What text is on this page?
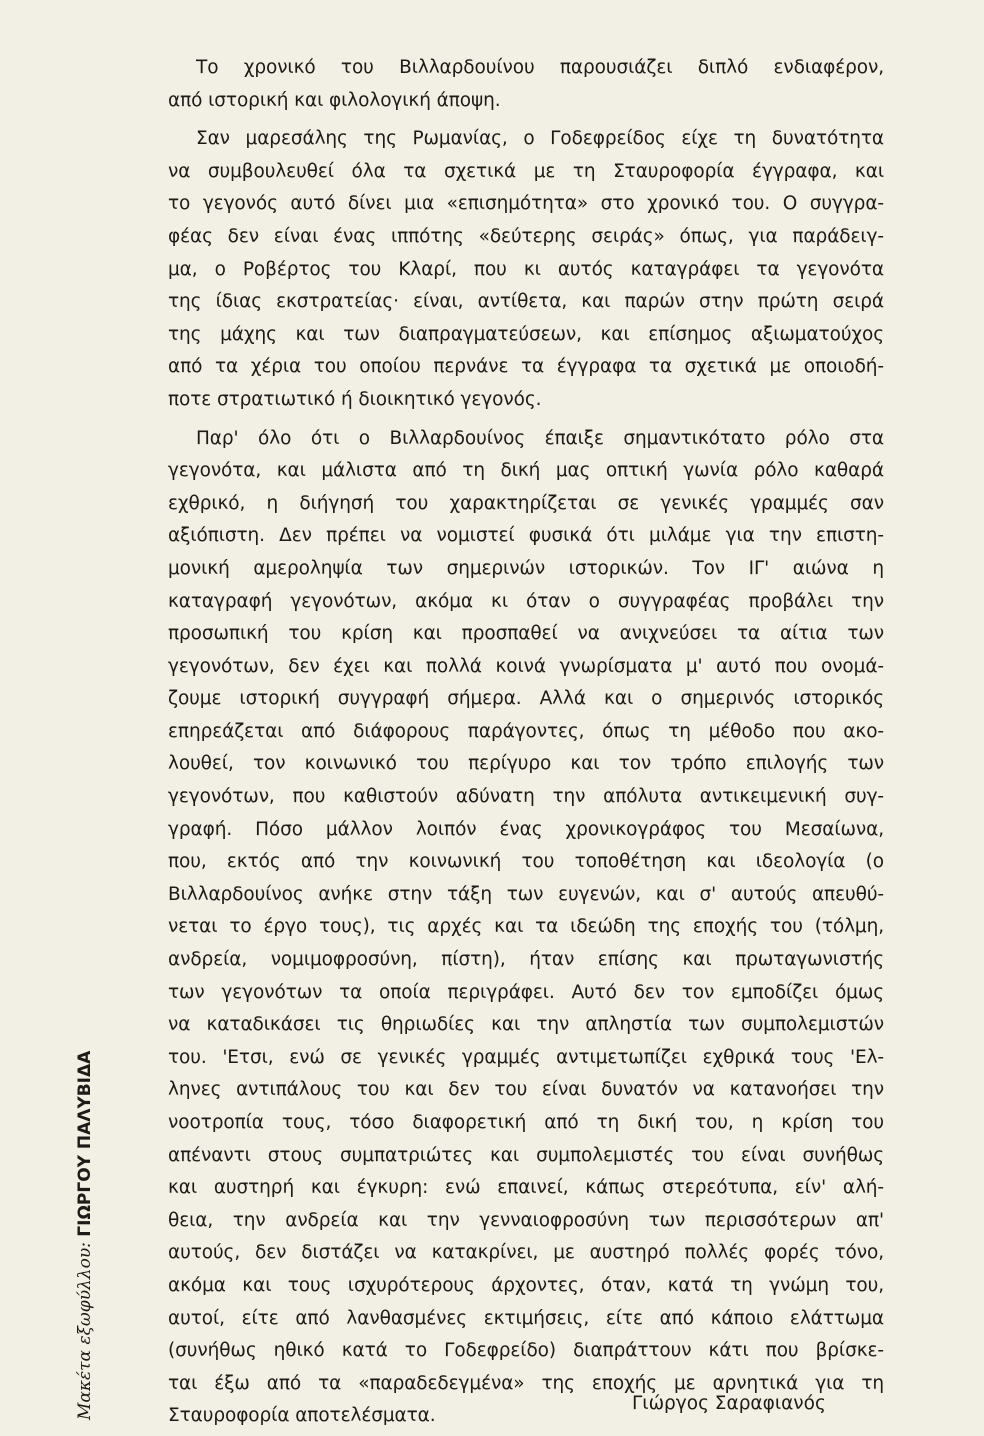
Το χρονικό του Βιλλαρδουίνου παρουσιάζει διπλό ενδιαφέρον,
από ιστορική και φιλολογική άποψη.
Σαν μαρεσάλης της Ρωμανίας, ο Γοδεφρείδος είχε τη δυνατότητα
να συμβουλευθεί όλα τα σχετικά με τη Σταυροφορία έγγραφα, και
το γεγονός αυτό δίνει μια «επισημότητα» στο χρονικό του. Ο συγγρα-
φέας δεν είναι ένας ιππότης «δεύτερης σειράς» όπως, για παράδειγ-
μα, ο Ροβέρτος του Κλαρί, που κι αυτός καταγράφει τα γεγονότα
της ίδιας εκστρατείας· είναι, αντίθετα, και παρών στην πρώτη σειρά
της μάχης και των διαπραγματεύσεων, και επίσημος αξιωματούχος
από τα χέρια του οποίου περνάνε τα έγγραφα τα σχετικά με οποιοδή-
ποτε στρατιωτικό ή διοικητικό γεγονός.
Παρ' όλο ότι ο Βιλλαρδουίνος έπαιξε σημαντικότατο ρόλο στα
γεγονότα, και μάλιστα από τη δική μας οπτική γωνία ρόλο καθαρά
εχθρικό, η διήγησή του χαρακτηρίζεται σε γενικές γραμμές σαν
αξιόπιστη. Δεν πρέπει να νομιστεί φυσικά ότι μιλάμε για την επιστη-
μονική αμεροληψία των σημερινών ιστορικών. Τον ΙΓ' αιώνα η
καταγραφή γεγονότων, ακόμα κι όταν ο συγγραφέας προβάλει την
προσωπική του κρίση και προσπαθεί να ανιχνεύσει τα αίτια των
γεγονότων, δεν έχει και πολλά κοινά γνωρίσματα μ' αυτό που ονομά-
ζουμε ιστορική συγγραφή σήμερα. Αλλά και ο σημερινός ιστορικός
επηρεάζεται από διάφορους παράγοντες, όπως τη μέθοδο που ακο-
λουθεί, τον κοινωνικό του περίγυρο και τον τρόπο επιλογής των
γεγονότων, που καθιστούν αδύνατη την απόλυτα αντικειμενική συγ-
γραφή. Πόσο μάλλον λοιπόν ένας χρονικογράφος του Μεσαίωνα,
που, εκτός από την κοινωνική του τοποθέτηση και ιδεολογία (ο
Βιλλαρδουίνος ανήκε στην τάξη των ευγενών, και σ' αυτούς απευθύ-
νεται το έργο τους), τις αρχές και τα ιδεώδη της εποχής του (τόλμη,
ανδρεία, νομιμοφροσύνη, πίστη), ήταν επίσης και πρωταγωνιστής
των γεγονότων τα οποία περιγράφει. Αυτό δεν τον εμποδίζει όμως
να καταδικάσει τις θηριωδίες και την απληστία των συμπολεμιστών
του. 'Ετσι, ενώ σε γενικές γραμμές αντιμετωπίζει εχθρικά τους 'Ελ-
ληνες αντιπάλους του και δεν του είναι δυνατόν να κατανοήσει την
νοοτροπία τους, τόσο διαφορετική από τη δική του, η κρίση του
απέναντι στους συμπατριώτες και συμπολεμιστές του είναι συνήθως
και αυστηρή και έγκυρη: ενώ επαινεί, κάπως στερεότυπα, είν' αλή-
θεια, την ανδρεία και την γενναιοφροσύνη των περισσότερων απ'
αυτούς, δεν διστάζει να κατακρίνει, με αυστηρό πολλές φορές τόνο,
ακόμα και τους ισχυρότερους άρχοντες, όταν, κατά τη γνώμη του,
αυτοί, είτε από λανθασμένες εκτιμήσεις, είτε από κάποιο ελάττωμα
(συνήθως ηθικό κατά το Γοδεφρείδο) διαπράττουν κάτι που βρίσκε-
ται έξω από τα «παραδεδεγμένα» της εποχής με αρνητικά για τη
Σταυροφορία αποτελέσματα.
Γιώργος Σαραφιανός
Μακέτα εξωφύλλου: ΓΙΩΡΓΟΥ ΠΑΛΥΒΙΔΑ
